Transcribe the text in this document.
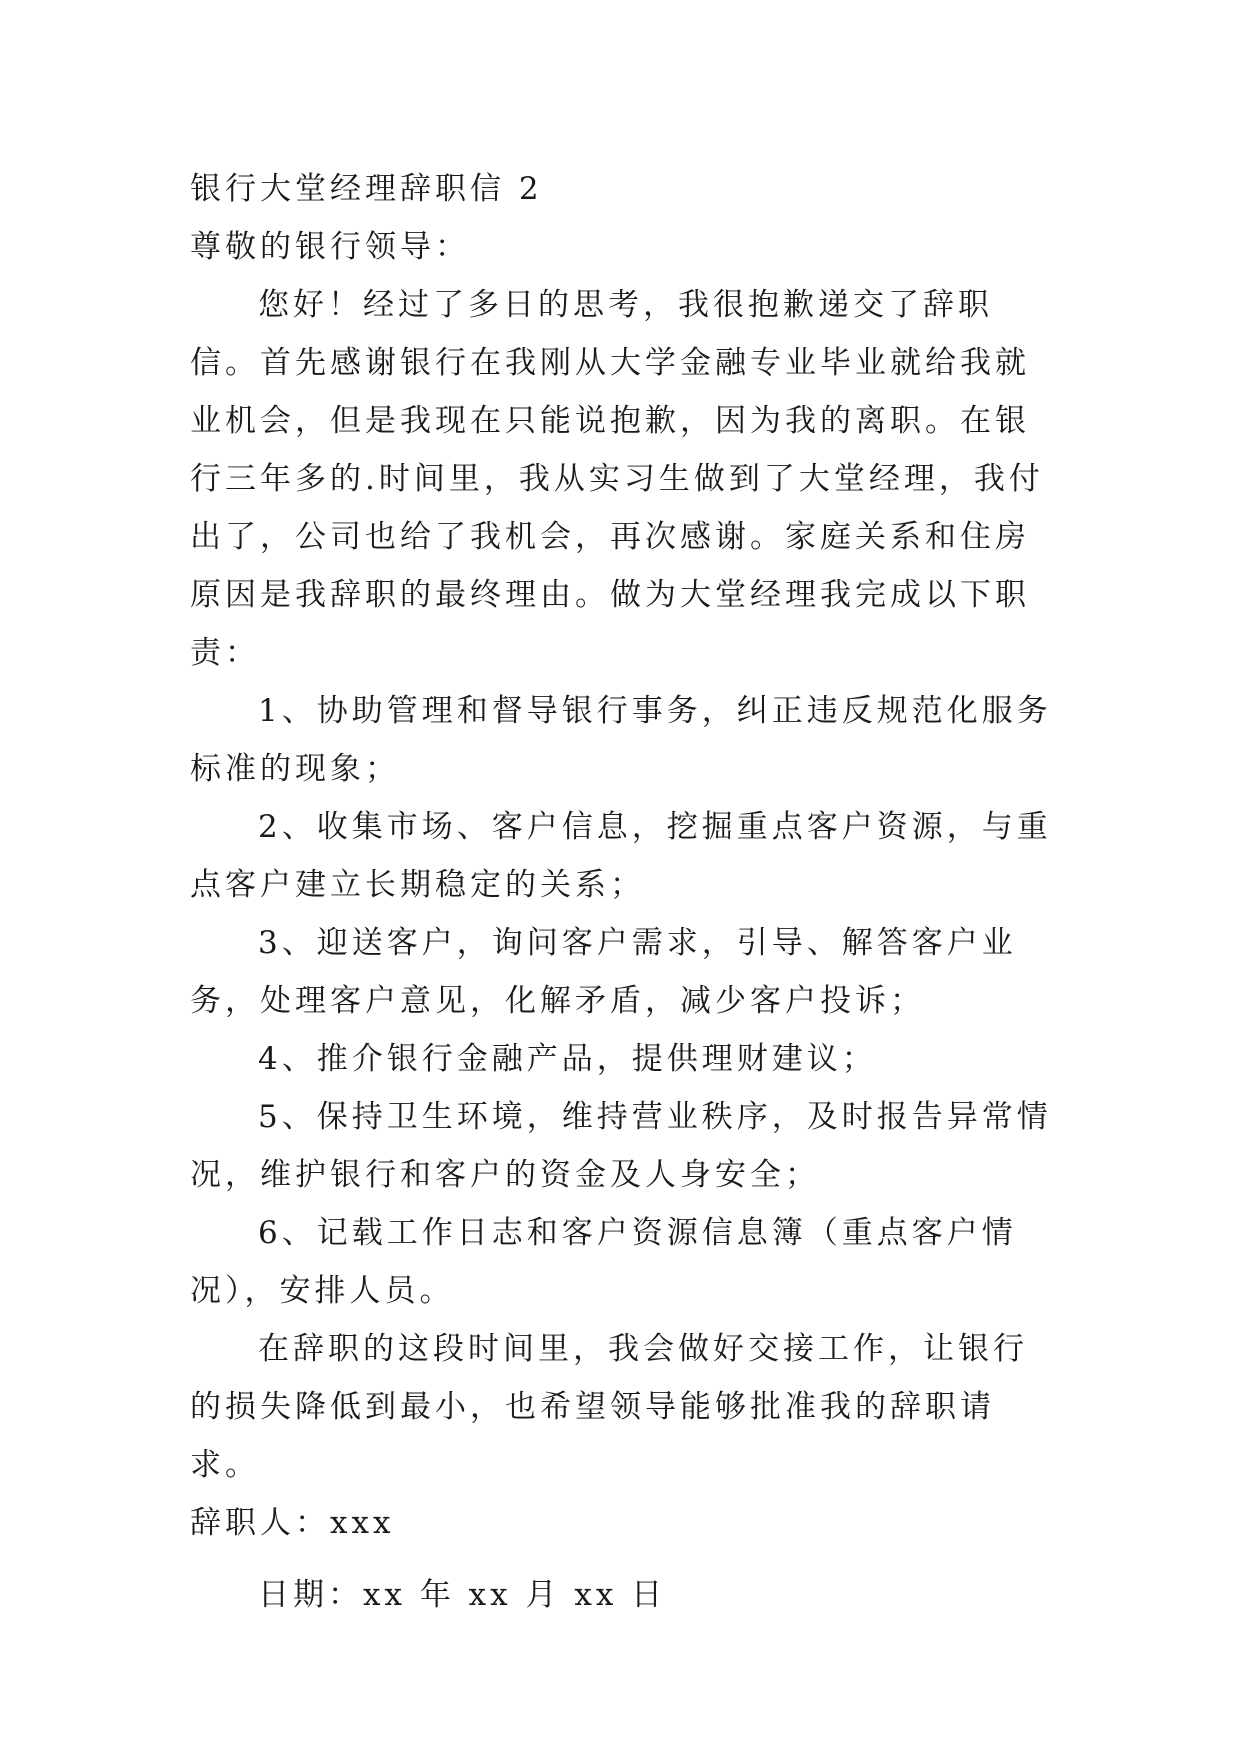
银行大堂经理辞职信 2

尊敬的银行领导：

您好！经过了多日的思考，我很抱歉递交了辞职信。首先感谢银行在我刚从大学金融专业毕业就给我就业机会，但是我现在只能说抱歉，因为我的离职。在银行三年多的.时间里，我从实习生做到了大堂经理，我付出了，公司也给了我机会，再次感谢。家庭关系和住房原因是我辞职的最终理由。做为大堂经理我完成以下职责：

1、协助管理和督导银行事务，纠正违反规范化服务标准的现象；

2、收集市场、客户信息，挖掘重点客户资源，与重点客户建立长期稳定的关系；

3、迎送客户，询问客户需求，引导、解答客户业务，处理客户意见，化解矛盾，减少客户投诉；

4、推介银行金融产品，提供理财建议；

5、保持卫生环境，维持营业秩序，及时报告异常情况，维护银行和客户的资金及人身安全；

6、记载工作日志和客户资源信息簿（重点客户情况），安排人员。

在辞职的这段时间里，我会做好交接工作，让银行的损失降低到最小，也希望领导能够批准我的辞职请求。

辞职人：xxx

日期：xx 年 xx 月 xx 日
